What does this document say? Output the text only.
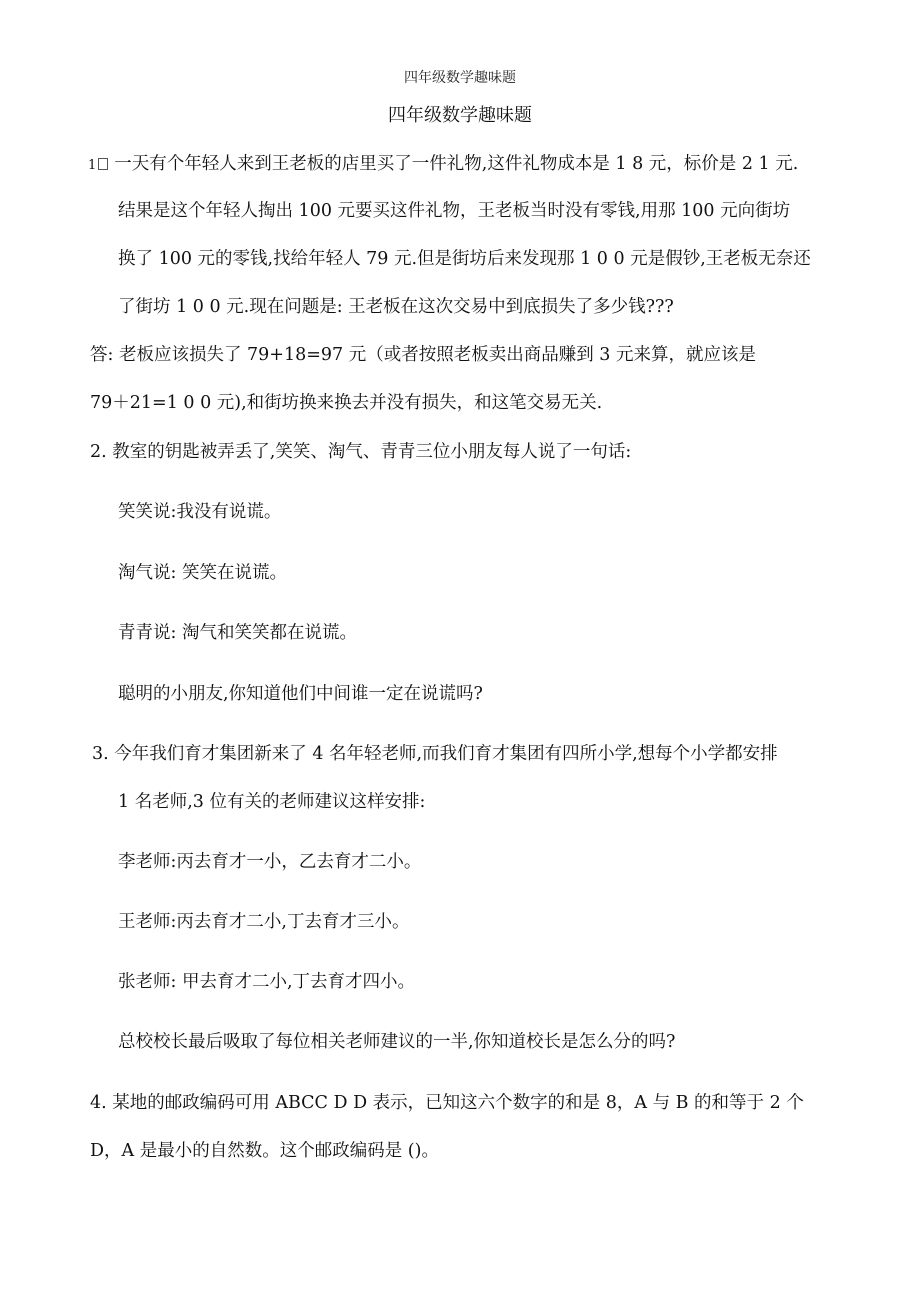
四年级数学趣味题
四年级数学趣味题
1 一天有个年轻人来到王老板的店里买了一件礼物,这件礼物成本是 1 8 元，标价是 2 1 元.
结果是这个年轻人掏出 100 元要买这件礼物，王老板当时没有零钱,用那 100 元向街坊
换了 100 元的零钱,找给年轻人 79 元.但是街坊后来发现那 1 0 0 元是假钞,王老板无奈还
了街坊 1 0 0 元.现在问题是: 王老板在这次交易中到底损失了多少钱???
答: 老板应该损失了 79+18=97 元（或者按照老板卖出商品赚到 3 元来算，就应该是
79＋21=1 0 0 元),和街坊换来换去并没有损失，和这笔交易无关.
2. 教室的钥匙被弄丢了,笑笑、淘气、青青三位小朋友每人说了一句话:
笑笑说:我没有说谎。
淘气说: 笑笑在说谎。
青青说: 淘气和笑笑都在说谎。
聪明的小朋友,你知道他们中间谁一定在说谎吗?
3. 今年我们育才集团新来了 4 名年轻老师,而我们育才集团有四所小学,想每个小学都安排
1 名老师,3 位有关的老师建议这样安排:
李老师:丙去育才一小，乙去育才二小。
王老师:丙去育才二小,丁去育才三小。
张老师: 甲去育才二小,丁去育才四小。
总校校长最后吸取了每位相关老师建议的一半,你知道校长是怎么分的吗?
4. 某地的邮政编码可用 ABCC D D 表示，已知这六个数字的和是 8，A 与 B 的和等于 2 个
D，A 是最小的自然数。这个邮政编码是 ()。
